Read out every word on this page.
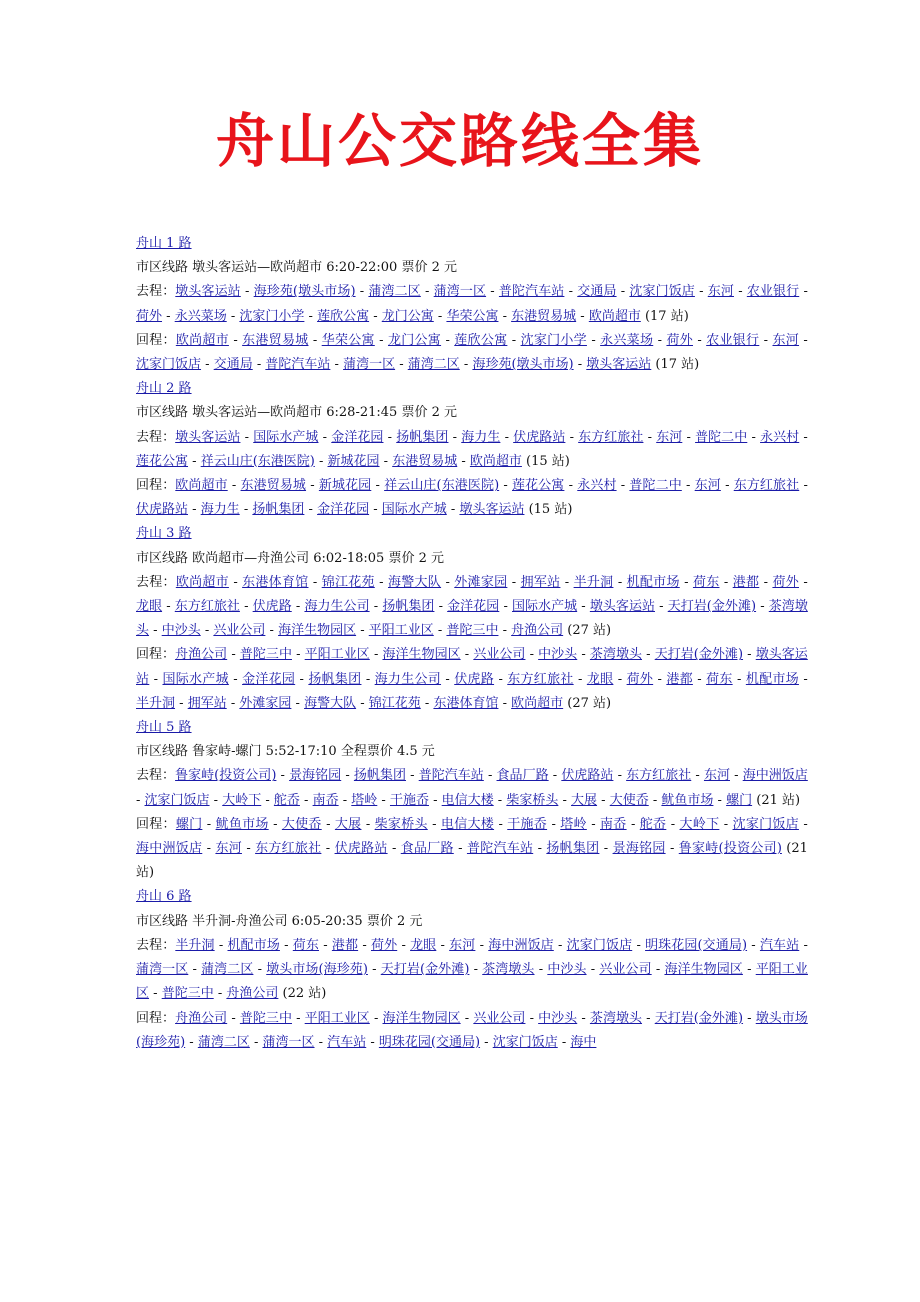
舟山公交路线全集

舟山 1 路

市区线路 墩头客运站—欧尚超市 6:20-22:00 票价 2 元

去程：墩头客运站 - 海珍苑(墩头市场) - 蒲湾二区 - 蒲湾一区 - 普陀汽车站 - 交通局 - 沈家门饭店 - 东河 - 农业银行 - 荷外 - 永兴菜场 - 沈家门小学 - 莲欣公寓 - 龙门公寓 - 华荣公寓 - 东港贸易城 - 欧尚超市 (17 站)

回程：欧尚超市 - 东港贸易城 - 华荣公寓 - 龙门公寓 - 莲欣公寓 - 沈家门小学 - 永兴菜场 - 荷外 - 农业银行 - 东河 - 沈家门饭店 - 交通局 - 普陀汽车站 - 蒲湾一区 - 蒲湾二区 - 海珍苑(墩头市场) - 墩头客运站 (17 站)

舟山 2 路

市区线路 墩头客运站—欧尚超市 6:28-21:45 票价 2 元

去程：墩头客运站 - 国际水产城 - 金洋花园 - 扬帆集团 - 海力生 - 伏虎路站 - 东方红旅社 - 东河 - 普陀二中 - 永兴村 - 莲花公寓 - 祥云山庄(东港医院) - 新城花园 - 东港贸易城 - 欧尚超市 (15 站)

回程：欧尚超市 - 东港贸易城 - 新城花园 - 祥云山庄(东港医院) - 莲花公寓 - 永兴村 - 普陀二中 - 东河 - 东方红旅社 - 伏虎路站 - 海力生 - 扬帆集团 - 金洋花园 - 国际水产城 - 墩头客运站 (15 站)

舟山 3 路

市区线路 欧尚超市—舟渔公司 6:02-18:05 票价 2 元

去程：欧尚超市 - 东港体育馆 - 锦江花苑 - 海警大队 - 外滩家园 - 拥军站 - 半升洞 - 机配市场 - 荷东 - 港都 - 荷外 - 龙眼 - 东方红旅社 - 伏虎路 - 海力生公司 - 扬帆集团 - 金洋花园 - 国际水产城 - 墩头客运站 - 天打岩(金外滩) - 茶湾墩头 - 中沙头 - 兴业公司 - 海洋生物园区 - 平阳工业区 - 普陀三中 - 舟渔公司 (27 站)

回程：舟渔公司 - 普陀三中 - 平阳工业区 - 海洋生物园区 - 兴业公司 - 中沙头 - 茶湾墩头 - 天打岩(金外滩) - 墩头客运站 - 国际水产城 - 金洋花园 - 扬帆集团 - 海力生公司 - 伏虎路 - 东方红旅社 - 龙眼 - 荷外 - 港都 - 荷东 - 机配市场 - 半升洞 - 拥军站 - 外滩家园 - 海警大队 - 锦江花苑 - 东港体育馆 - 欧尚超市 (27 站)

舟山 5 路

市区线路 鲁家峙-螺门 5:52-17:10 全程票价 4.5 元

去程：鲁家峙(投资公司) - 景海铭园 - 扬帆集团 - 普陀汽车站 - 食品厂路 - 伏虎路站 - 东方红旅社 - 东河 - 海中洲饭店 - 沈家门饭店 - 大岭下 - 舵岙 - 南岙 - 塔岭 - 干施岙 - 电信大楼 - 柴家桥头 - 大展 - 大使岙 - 鱿鱼市场 - 螺门 (21 站)

回程：螺门 - 鱿鱼市场 - 大使岙 - 大展 - 柴家桥头 - 电信大楼 - 干施岙 - 塔岭 - 南岙 - 舵岙 - 大岭下 - 沈家门饭店 - 海中洲饭店 - 东河 - 东方红旅社 - 伏虎路站 - 食品厂路 - 普陀汽车站 - 扬帆集团 - 景海铭园 - 鲁家峙(投资公司) (21 站)

舟山 6 路

市区线路 半升洞-舟渔公司 6:05-20:35 票价 2 元

去程：半升洞 - 机配市场 - 荷东 - 港都 - 荷外 - 龙眼 - 东河 - 海中洲饭店 - 沈家门饭店 - 明珠花园(交通局) - 汽车站 - 蒲湾一区 - 蒲湾二区 - 墩头市场(海珍苑) - 天打岩(金外滩) - 茶湾墩头 - 中沙头 - 兴业公司 - 海洋生物园区 - 平阳工业区 - 普陀三中 - 舟渔公司 (22 站)

回程：舟渔公司 - 普陀三中 - 平阳工业区 - 海洋生物园区 - 兴业公司 - 中沙头 - 茶湾墩头 - 天打岩(金外滩) - 墩头市场(海珍苑) - 蒲湾二区 - 蒲湾一区 - 汽车站 - 明珠花园(交通局) - 沈家门饭店 - 海中
